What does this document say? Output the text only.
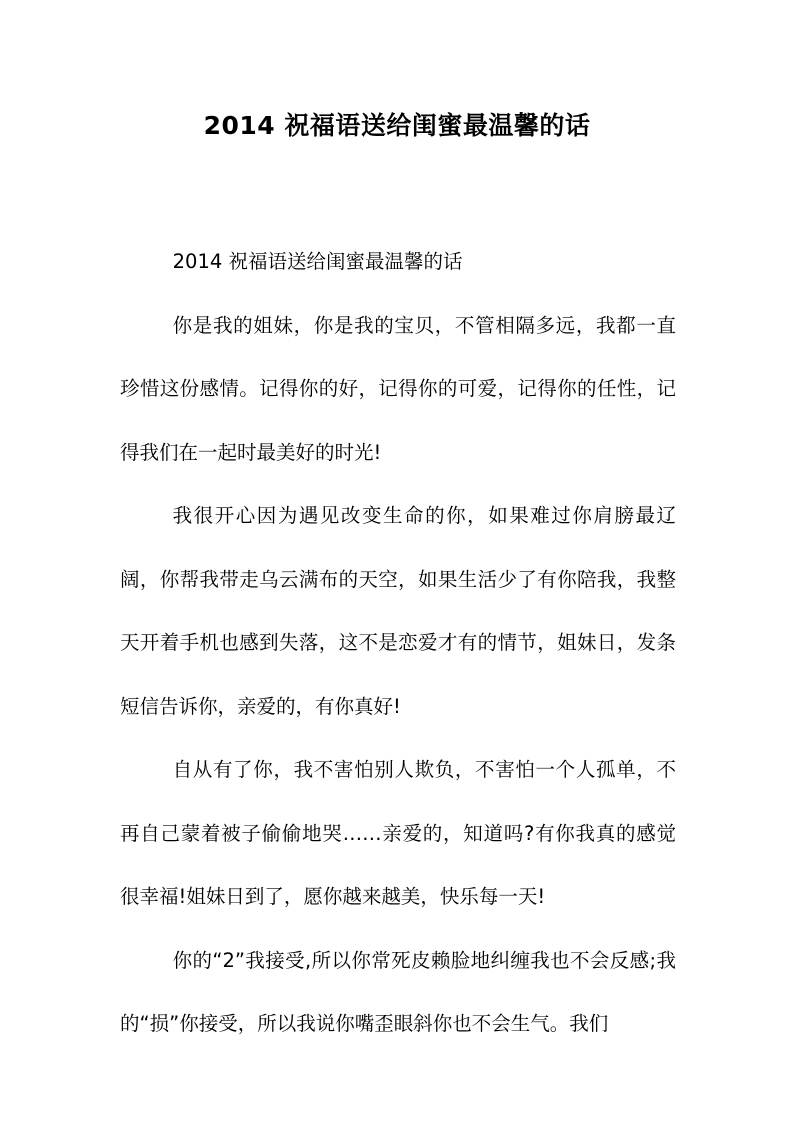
2014 祝福语送给闺蜜最温馨的话

2014 祝福语送给闺蜜最温馨的话

你是我的姐妹，你是我的宝贝，不管相隔多远，我都一直珍惜这份感情。记得你的好，记得你的可爱，记得你的任性，记得我们在一起时最美好的时光!

我很开心因为遇见改变生命的你，如果难过你肩膀最辽阔，你帮我带走乌云满布的天空，如果生活少了有你陪我，我整天开着手机也感到失落，这不是恋爱才有的情节，姐妹日，发条短信告诉你，亲爱的，有你真好!

自从有了你，我不害怕别人欺负，不害怕一个人孤单，不再自己蒙着被子偷偷地哭……亲爱的，知道吗?有你我真的感觉很幸福!姐妹日到了，愿你越来越美，快乐每一天!

你的“2”我接受,所以你常死皮赖脸地纠缠我也不会反感;我的“损”你接受，所以我说你嘴歪眼斜你也不会生气。我们
